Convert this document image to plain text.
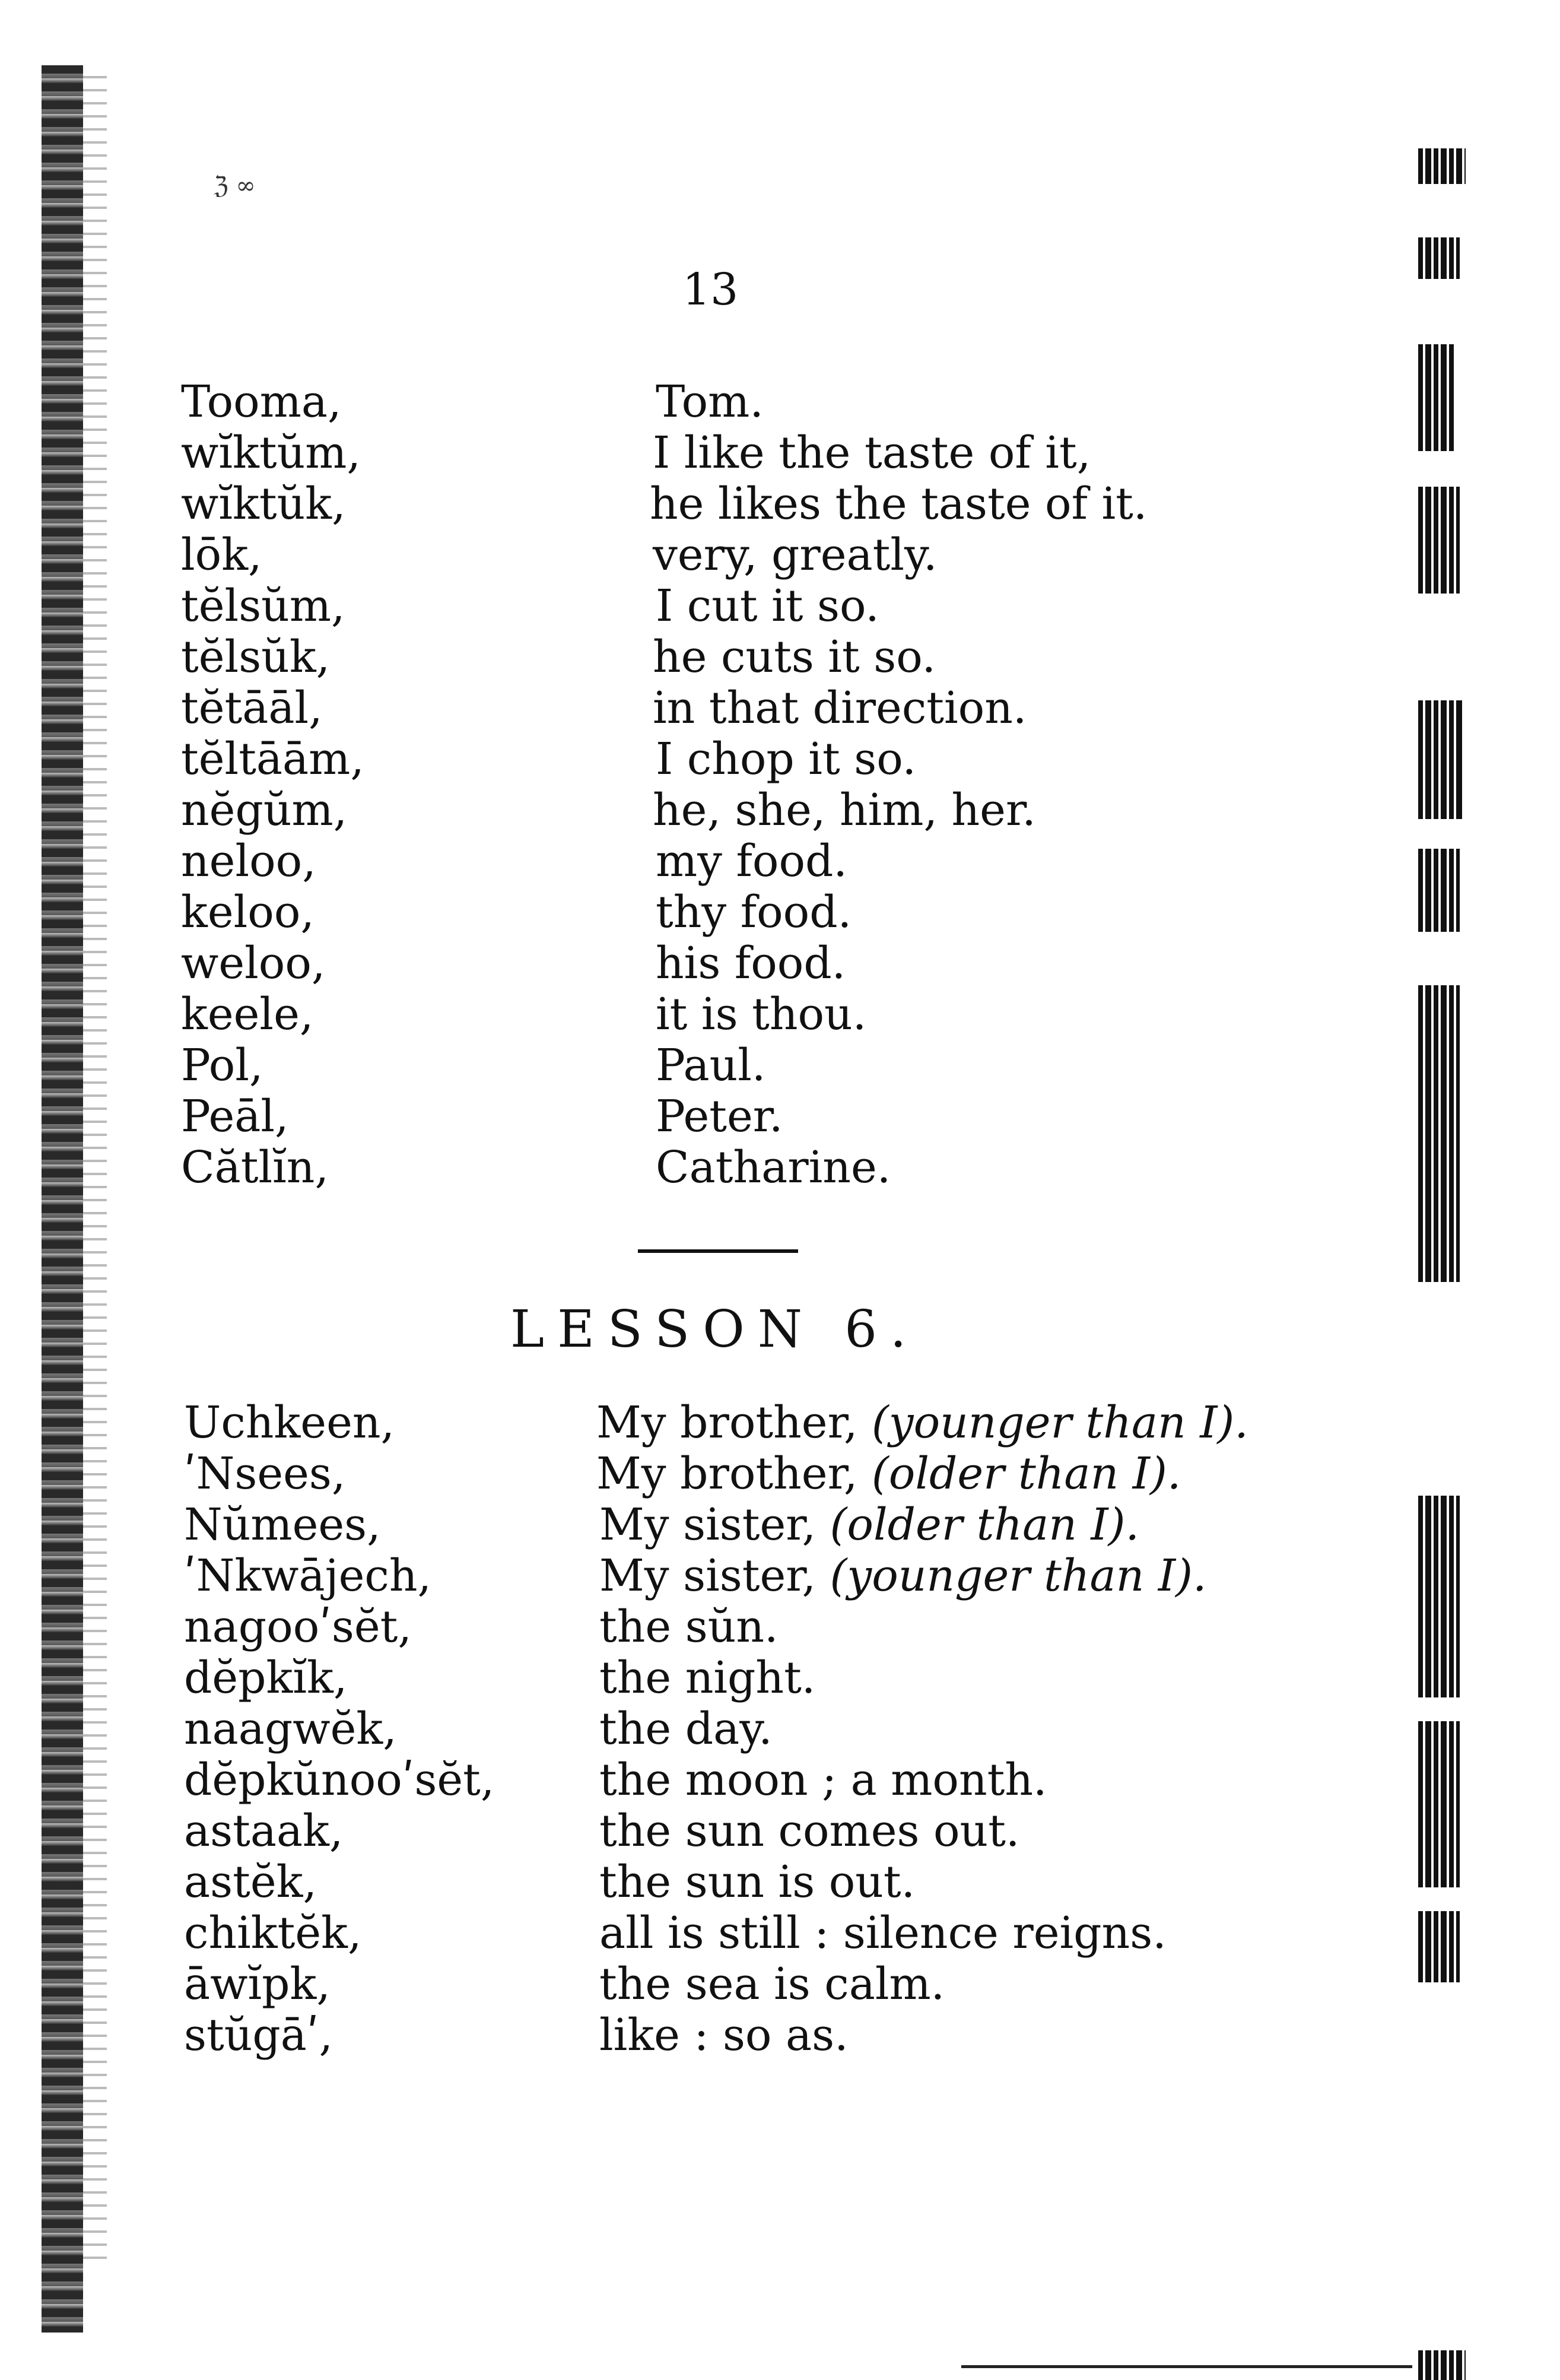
ℨ ∞
13
Tooma,	Tom.
wĭktŭm,	I like the taste of it,
wĭktŭk,	he likes the taste of it.
lōk,	very, greatly.
tĕlsŭm,	I cut it so.
tĕlsŭk,	he cuts it so.
tĕtāāl,	in that direction.
tĕltāām,	I chop it so.
nĕgŭm,	he, she, him, her.
neloo,	my food.
keloo,	thy food.
weloo,	his food.
keele,	it is thou.
Pol,	Paul.
Peāl,	Peter.
Cătlĭn,	Catharine.
LESSON 6.
Uchkeen,	My brother, (younger than I).
ʹNsees,	My brother, (older than I).
Nŭmees,	My sister, (older than I).
ʹNkwājech,	My sister, (younger than I).
nagooʹsĕt,	the sŭn.
dĕpkĭk,	the night.
naagwĕk,	the day.
dĕpkŭnooʹsĕt, the moon ; a month.
astaak,	the sun comes out.
astĕk,	the sun is out.
chiktĕk,	all is still : silence reigns.
āwĭpk,	the sea is calm.
stŭgāʹ,	like : so as.
